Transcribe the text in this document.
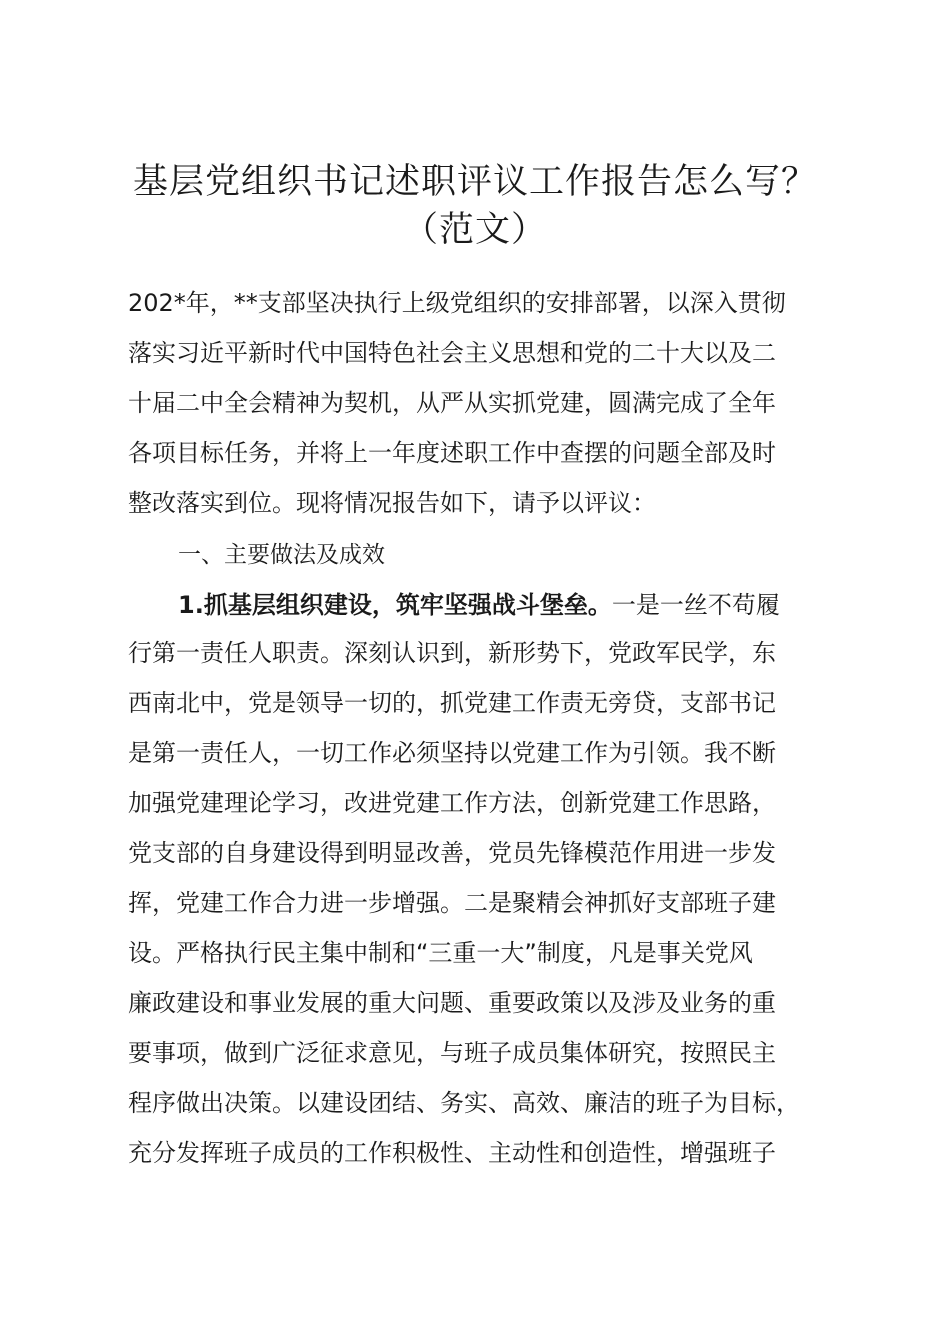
基层党组织书记述职评议工作报告怎么写？
（范文）
202*年，**支部坚决执行上级党组织的安排部署，以深入贯彻
落实习近平新时代中国特色社会主义思想和党的二十大以及二
十届二中全会精神为契机，从严从实抓党建，圆满完成了全年
各项目标任务，并将上一年度述职工作中查摆的问题全部及时
整改落实到位。现将情况报告如下，请予以评议：
一、主要做法及成效
1.抓基层组织建设，筑牢坚强战斗堡垒。一是一丝不苟履
行第一责任人职责。深刻认识到，新形势下，党政军民学，东
西南北中，党是领导一切的，抓党建工作责无旁贷，支部书记
是第一责任人，一切工作必须坚持以党建工作为引领。我不断
加强党建理论学习，改进党建工作方法，创新党建工作思路，
党支部的自身建设得到明显改善，党员先锋模范作用进一步发
挥，党建工作合力进一步增强。二是聚精会神抓好支部班子建
设。严格执行民主集中制和“三重一大”制度，凡是事关党风
廉政建设和事业发展的重大问题、重要政策以及涉及业务的重
要事项，做到广泛征求意见，与班子成员集体研究，按照民主
程序做出决策。以建设团结、务实、高效、廉洁的班子为目标，
充分发挥班子成员的工作积极性、主动性和创造性，增强班子
